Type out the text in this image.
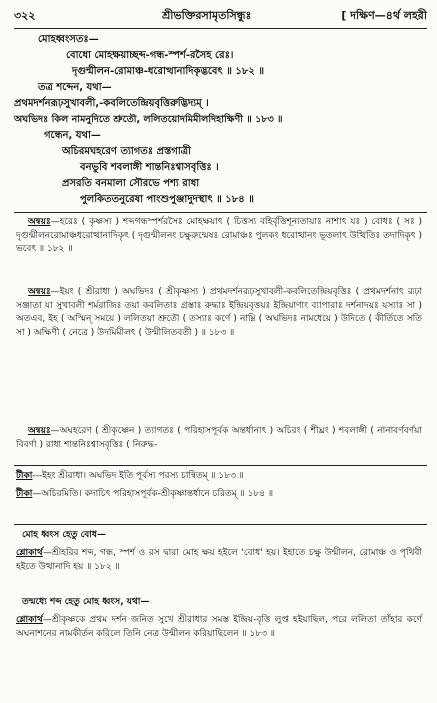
৩২২	শ্রীভক্তিরসামৃতসিন্ধুঃ	[ দক্ষিণ—৪র্থ লহরী
মোহধ্বংসতঃ—
বোধো মোহক্ষয়াচ্ছব্দ-গন্ধ-স্পর্শ-রসৈহ রেঃ।
দৃগুন্মীলন-রোমাঞ্চ-ধরোত্থানাদিকৃদ্ভবেৎ ॥ ১৮২ ॥
তত্র শব্দেন, যথা—
প্রথমদর্শনরূঢ়সুখাবলী,-কবলিতেন্দ্রিয়বৃত্তিরুদ্ভিদ্যম্ ।
অঘভিদঃ কিল নামনুদিতে শ্রুতৌ, ললিতয়োদমিমীলদিহাক্ষিণী ॥ ১৮৩ ॥
গন্ধেন, যথা—
অচিরমঘহরেণ ত্যাগতঃ প্রস্তগাত্রী
বনভুবি শবলাঙ্গী শান্তনিঃশ্বাসবৃত্তিঃ ।
প্রসরতি বনমালা সৌরভে পশ্য রাধা
পুলকিততনুরেষা পাংশুপুঞ্জাদুদস্থাৎ ॥ ১৮৪ ॥
অন্বয়ঃ—হরেঃ ( কৃষ্ণস্য ) শব্দগন্ধস্পর্শরসৈঃ মোহক্ষয়াৎ ( চিত্তস্য বহির্বৃত্তিশূন্যতায়াঃ নাশাৎ যঃ ) বোধঃ ( সঃ ) দৃগুন্মীলনরোমাঞ্চধরোত্থানাদিকৃৎ ( দৃগুন্মীলনং চক্ষুরুন্মেষঃ রোমাঞ্চঃ পুলকং ধরোত্থানং ভূতলাৎ উত্থিতিঃ তদাদিকৃৎ ) ভবেৎ ॥ ১৮২ ॥
অন্বয়ঃ—ইয়ং ( শ্রীরাধা ) অঘভিদঃ ( শ্রীকৃষ্ণস্য ) প্রথমদর্শনরূঢ়সুখাবলী-কবলিতেন্দ্রিয়বৃত্তিঃ ( প্রথমদর্শনাৎ রূঢ়া সঞ্জাতা যা সুখাবলী শর্মরাজিঃ তয়া কবলিতাঃ গ্রস্তাঃ রুদ্ধাঃ ইন্দ্রিয়বৃত্তয়ঃ ইন্দ্রিয়াণাং ব্যাপারাঃ দর্শনাদয়ঃ যস্যাঃ সা ) অতএব, ইহ ( অস্মিন্ সময়ে ) ললিতয়া শ্রুতৌ ( তস্যাঃ কর্ণে ) নাম্নি ( অঘভিদঃ নামধেয়ে ) উদিতে ( কীর্তিতে সতি সা ) অক্ষিণী ( নেত্রে ) উদমিমীলৎ ( উন্মীলিতবতী ) ॥ ১৮৩ ॥
অন্বয়ঃ—অঘহরেণ ( শ্রীকৃষ্ণেন ) ত্যাগতঃ ( পরিহাসপূর্বক অন্তর্ধানাৎ ) অচিরং ( শীঘ্রং ) শবলাঙ্গী ( নানাবর্ণবর্ণয়া বিবর্ণা ) রাধা শান্তনিঃশ্বাসবৃত্তিঃ ( নিরুদ্ধ-
টীকা---ইহং শ্রীরাধা। অঘভিদ ইতি পূর্বস্য পরস্য চান্বিতম্ ॥ ১৮৩ ॥
টীকা—অচিরমিতি। কদাচিৎ পরিহাসপূর্বক-শ্রীকৃষ্ণান্তর্ধানে চরিতম্ ॥ ১৮৪ ॥
মোহ ধ্বংস হেতু বোধ—
শ্লোকার্থ—শ্রীহরির শব্দ, গন্ধ, স্পর্শ ও রস দ্বারা মোহ ক্ষয় হইলে 'বোধ' হয়। ইহাতে চক্ষু উন্মীলন, রোমাঞ্চ ও পৃথিবী হইতে উত্থানাদি হয় ॥ ১৮২ ॥
তন্মধ্যে শব্দ হেতু মোহ ধ্বংস, যথা—
শ্লোকার্থ—শ্রীকৃষ্ণকে প্রথম দর্শন জনিত সুখে শ্রীরাধার সমস্ত ইন্দ্রিয়-বৃত্তি লুপ্ত হইয়াছিল, পরে ললিতা তাঁহার কর্ণে অঘনাশনের নামকীর্তন করিলে তিনি নেত্র উন্মীলন করিয়াছিলেন ॥ ১৮৩ ॥
